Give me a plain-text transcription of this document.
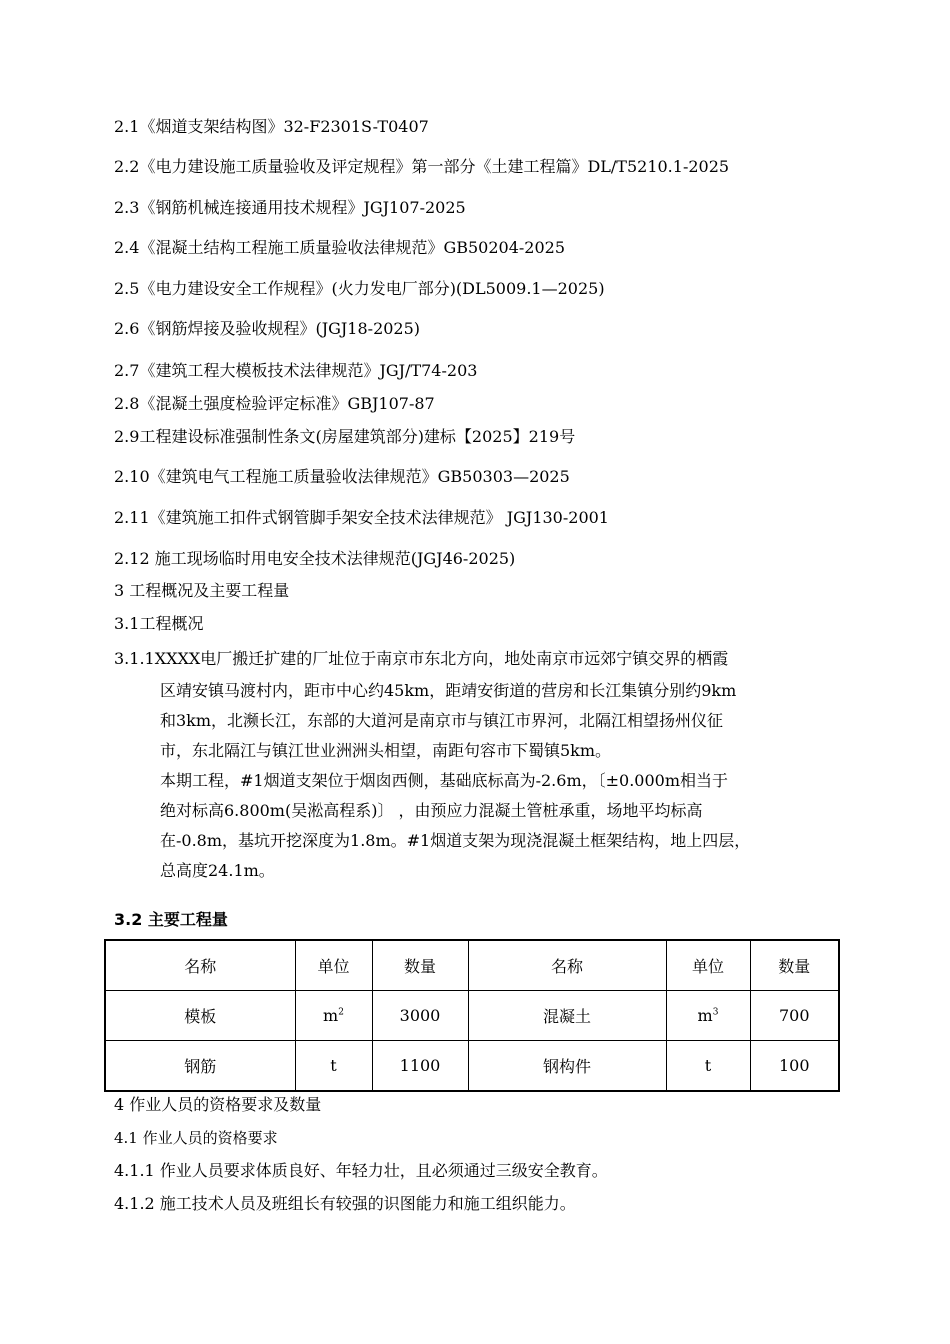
2.1《烟道支架结构图》32-F2301S-T0407
2.2《电力建设施工质量验收及评定规程》第一部分《土建工程篇》DL/T5210.1-2025
2.3《钢筋机械连接通用技术规程》JGJ107-2025
2.4《混凝土结构工程施工质量验收法律规范》GB50204-2025
2.5《电力建设安全工作规程》(火力发电厂部分)(DL5009.1—2025)
2.6《钢筋焊接及验收规程》(JGJ18-2025)
2.7《建筑工程大模板技术法律规范》JGJ/T74-203
2.8《混凝土强度检验评定标准》GBJ107-87
2.9工程建设标准强制性条文(房屋建筑部分)建标【2025】219号
2.10《建筑电气工程施工质量验收法律规范》GB50303—2025
2.11《建筑施工扣件式钢管脚手架安全技术法律规范》 JGJ130-2001
2.12 施工现场临时用电安全技术法律规范(JGJ46-2025)
3 工程概况及主要工程量
3.1工程概况
3.1.1XXXX电厂搬迁扩建的厂址位于南京市东北方向，地处南京市远郊宁镇交界的栖霞
区靖安镇马渡村内，距市中心约45km，距靖安街道的营房和长江集镇分别约9km
和3km，北濒长江，东部的大道河是南京市与镇江市界河，北隔江相望扬州仪征
市，东北隔江与镇江世业洲洲头相望，南距句容市下蜀镇5km。
本期工程，#1烟道支架位于烟囱西侧，基础底标高为-2.6m，〔±0.000m相当于
绝对标高6.800m(吴淞高程系)〕 ，由预应力混凝土管桩承重，场地平均标高
在-0.8m，基坑开挖深度为1.8m。#1烟道支架为现浇混凝土框架结构，地上四层，
总高度24.1m。
3.2 主要工程量
名称	单位	数量	名称	单位	数量
模板	$m^2$	3000	混凝土	$m^3$	700
钢筋	t	1100	钢构件	t	100
4 作业人员的资格要求及数量
4.1 作业人员的资格要求
4.1.1 作业人员要求体质良好、年轻力壮，且必须通过三级安全教育。
4.1.2 施工技术人员及班组长有较强的识图能力和施工组织能力。
